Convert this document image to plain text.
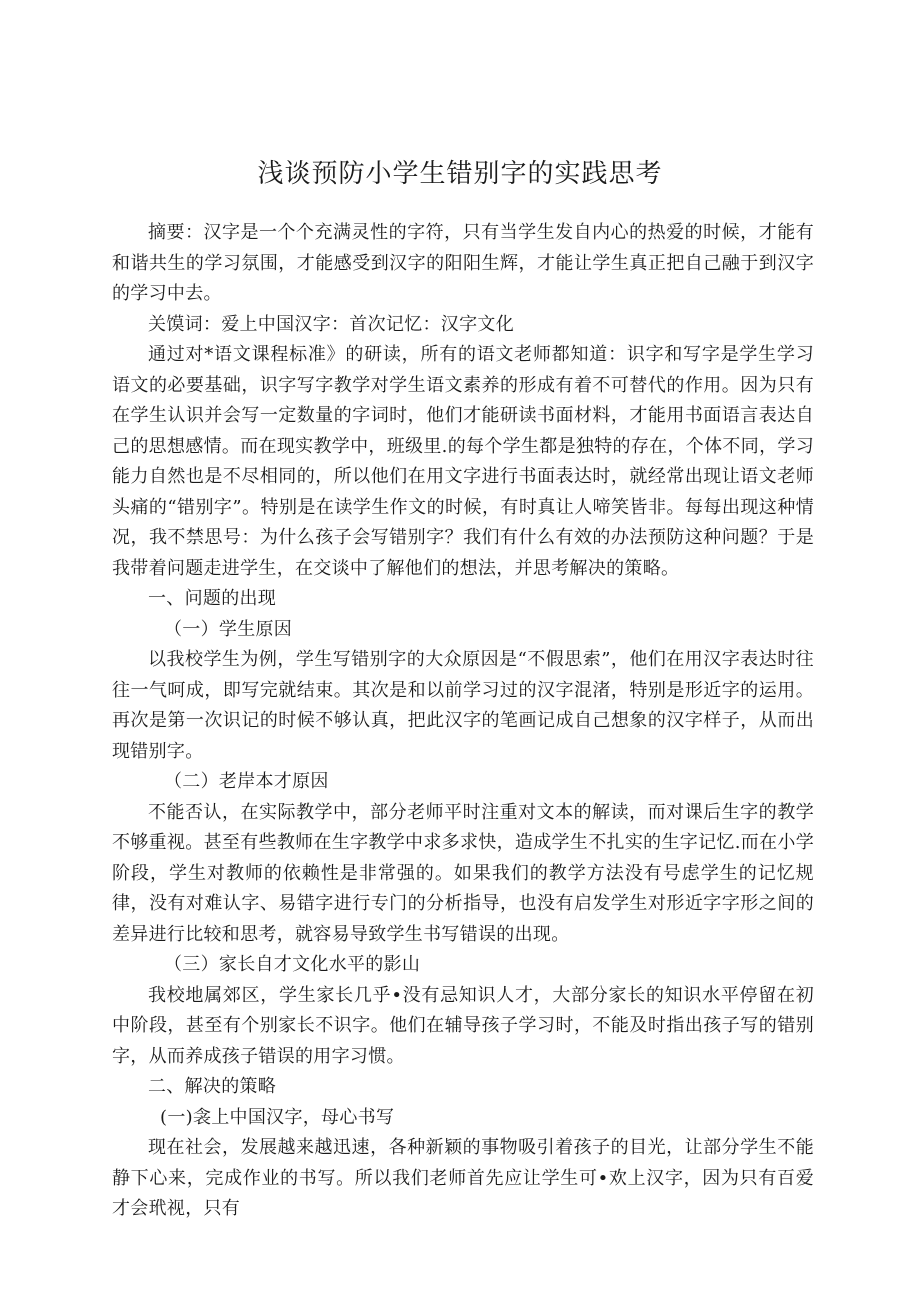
浅谈预防小学生错别字的实践思考

摘要：汉字是一个个充满灵性的字符，只有当学生发自内心的热爱的时候，才能有和谐共生的学习氛围，才能感受到汉字的阳阳生辉，才能让学生真正把自己融于到汉字的学习中去。

关馍词：爱上中国汉字：首次记忆：汉字文化

通过对*语文课程标准》的研读，所有的语文老师都知道：识字和写字是学生学习语文的必要基础，识字写字教学对学生语文素养的形成有着不可替代的作用。因为只有在学生认识并会写一定数量的字词时，他们才能研读书面材料，才能用书面语言表达自己的思想感情。而在现实教学中，班级里.的每个学生都是独特的存在，个体不同，学习能力自然也是不尽相同的，所以他们在用文字进行书面表达时，就经常出现让语文老师头痛的“错别字”。特别是在读学生作文的时候，有时真让人啼笑皆非。每每出现这种情况，我不禁思号：为什么孩子会写错别字？我们有什么有效的办法预防这种问题？于是我带着问题走进学生，在交谈中了解他们的想法，并思考解决的策略。

一、问题的出现

（一）学生原因

以我校学生为例，学生写错别字的大众原因是“不假思索”，他们在用汉字表达时往往一气呵成，即写完就结束。其次是和以前学习过的汉字混渚，特别是形近字的运用。再次是第一次识记的时候不够认真，把此汉字的笔画记成自己想象的汉字样子，从而出现错别字。

（二）老岸本才原因

不能否认，在实际教学中，部分老师平时注重对文本的解读，而对课后生字的教学不够重视。甚至有些教师在生字教学中求多求快，造成学生不扎实的生字记忆.而在小学阶段，学生对教师的依赖性是非常强的。如果我们的教学方法没有号虑学生的记忆规律，没有对难认字、易错字进行专门的分析指导，也没有启发学生对形近字字形之间的差异进行比较和思考，就容易导致学生书写错误的出现。

（三）家长自才文化水平的影山

我校地属郊区，学生家长几乎•没有忌知识人才，大部分家长的知识水平停留在初中阶段，甚至有个别家长不识字。他们在辅导孩子学习时，不能及时指出孩子写的错别字，从而养成孩子错误的用字习惯。

二、解决的策略

(一)衾上中国汉字，母心书写

现在社会，发展越来越迅速，各种新颖的事物吸引着孩子的目光，让部分学生不能静下心来，完成作业的书写。所以我们老师首先应让学生可•欢上汉字，因为只有百爱才会玳视，只有
